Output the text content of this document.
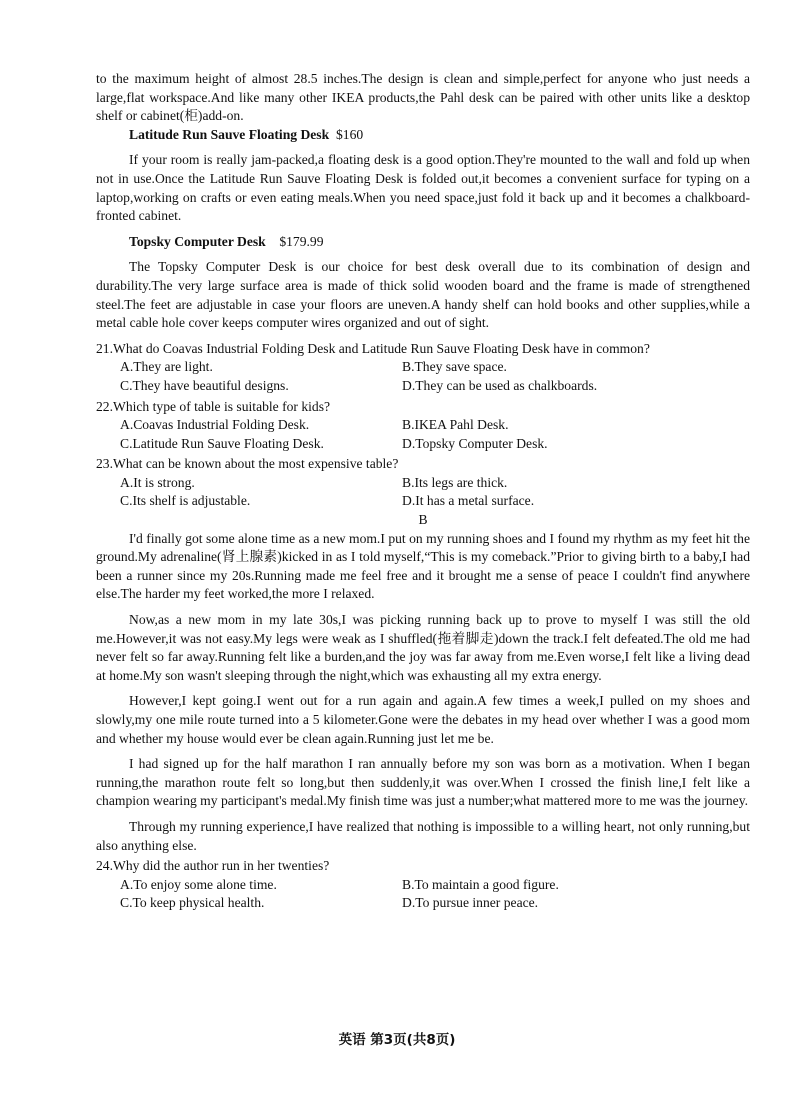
to the maximum height of almost 28.5 inches.The design is clean and simple,perfect for anyone who just needs a large,flat workspace.And like many other IKEA products,the Pahl desk can be paired with other units like a desktop shelf or cabinet(柜)add-on.

Latitude Run Sauve Floating Desk $160

If your room is really jam-packed,a floating desk is a good option.They're mounted to the wall and fold up when not in use.Once the Latitude Run Sauve Floating Desk is folded out,it becomes a convenient surface for typing on a laptop,working on crafts or even eating meals.When you need space,just fold it back up and it becomes a chalkboard-fronted cabinet.

Topsky Computer Desk $179.99

The Topsky Computer Desk is our choice for best desk overall due to its combination of design and durability.The very large surface area is made of thick solid wooden board and the frame is made of strengthened steel.The feet are adjustable in case your floors are uneven.A handy shelf can hold books and other supplies,while a metal cable hole cover keeps computer wires organized and out of sight.

21.What do Coavas Industrial Folding Desk and Latitude Run Sauve Floating Desk have in common?

A.They are light.	B.They save space.
C.They have beautiful designs.	D.They can be used as chalkboards.

22.Which type of table is suitable for kids?

A.Coavas Industrial Folding Desk.	B.IKEA Pahl Desk.
C.Latitude Run Sauve Floating Desk.	D.Topsky Computer Desk.

23.What can be known about the most expensive table?

A.It is strong.	B.Its legs are thick.
C.Its shelf is adjustable.	D.It has a metal surface.

B

I'd finally got some alone time as a new mom.I put on my running shoes and I found my rhythm as my feet hit the ground.My adrenaline(肾上腺素)kicked in as I told myself,“This is my comeback.”Prior to giving birth to a baby,I had been a runner since my 20s.Running made me feel free and it brought me a sense of peace I couldn't find anywhere else.The harder my feet worked,the more I relaxed.

Now,as a new mom in my late 30s,I was picking running back up to prove to myself I was still the old me.However,it was not easy.My legs were weak as I shuffled(拖着脚走)down the track.I felt defeated.The old me had never felt so far away.Running felt like a burden,and the joy was far away from me.Even worse,I felt like a living dead at home.My son wasn't sleeping through the night,which was exhausting all my extra energy.

However,I kept going.I went out for a run again and again.A few times a week,I pulled on my shoes and slowly,my one mile route turned into a 5 kilometer.Gone were the debates in my head over whether I was a good mom and whether my house would ever be clean again.Running just let me be.

I had signed up for the half marathon I ran annually before my son was born as a motivation. When I began running,the marathon route felt so long,but then suddenly,it was over.When I crossed the finish line,I felt like a champion wearing my participant's medal.My finish time was just a number;what mattered more to me was the journey.

Through my running experience,I have realized that nothing is impossible to a willing heart, not only running,but also anything else.

24.Why did the author run in her twenties?

A.To enjoy some alone time.	B.To maintain a good figure.
C.To keep physical health.	D.To pursue inner peace.
英语 第3页(共8页)
